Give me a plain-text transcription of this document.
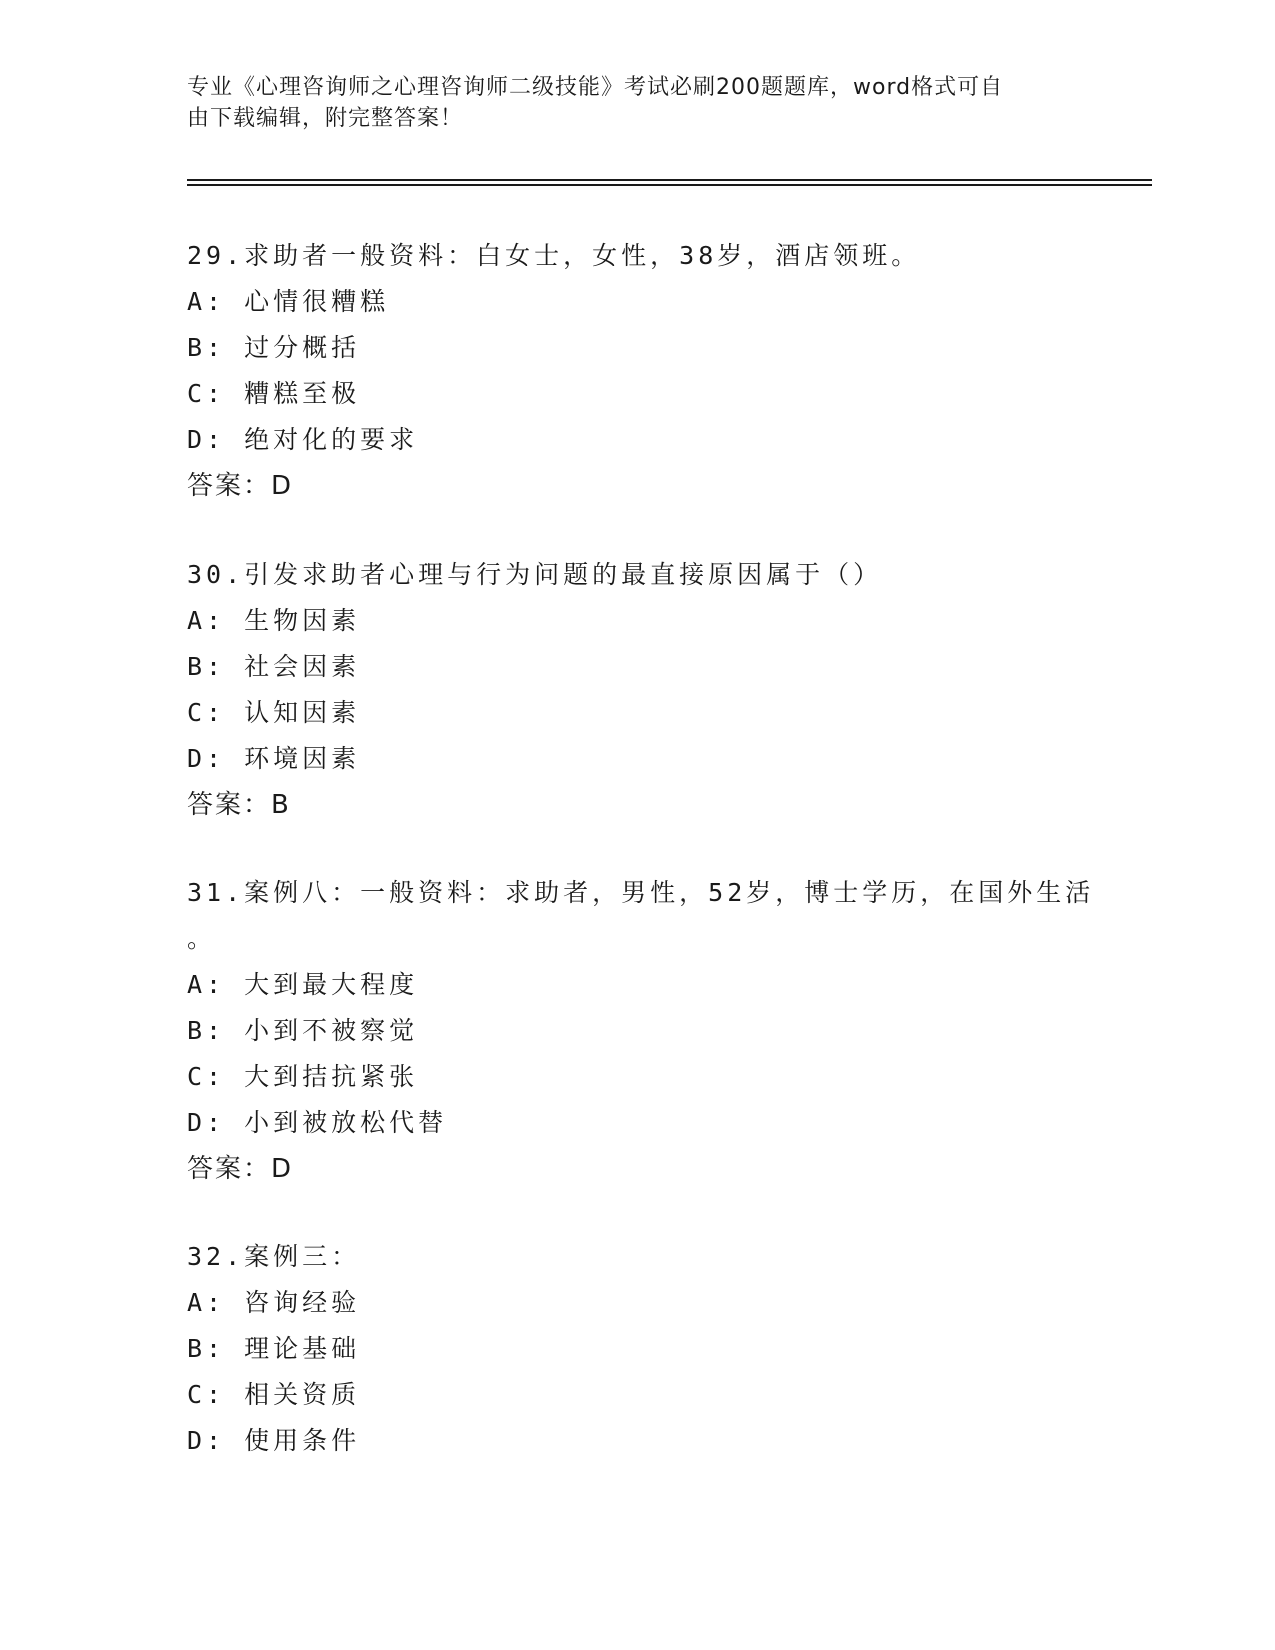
专业《心理咨询师之心理咨询师二级技能》考试必刷200题题库，word格式可自
由下载编辑，附完整答案！
29.求助者一般资料：白女士，女性，38岁，酒店领班。
A: 心情很糟糕
B: 过分概括
C: 糟糕至极
D: 绝对化的要求
答案：D
30.引发求助者心理与行为问题的最直接原因属于（）
A: 生物因素
B: 社会因素
C: 认知因素
D: 环境因素
答案：B
31.案例八：一般资料：求助者，男性，52岁，博士学历，在国外生活
。
A: 大到最大程度
B: 小到不被察觉
C: 大到拮抗紧张
D: 小到被放松代替
答案：D
32.案例三：
A: 咨询经验
B: 理论基础
C: 相关资质
D: 使用条件
